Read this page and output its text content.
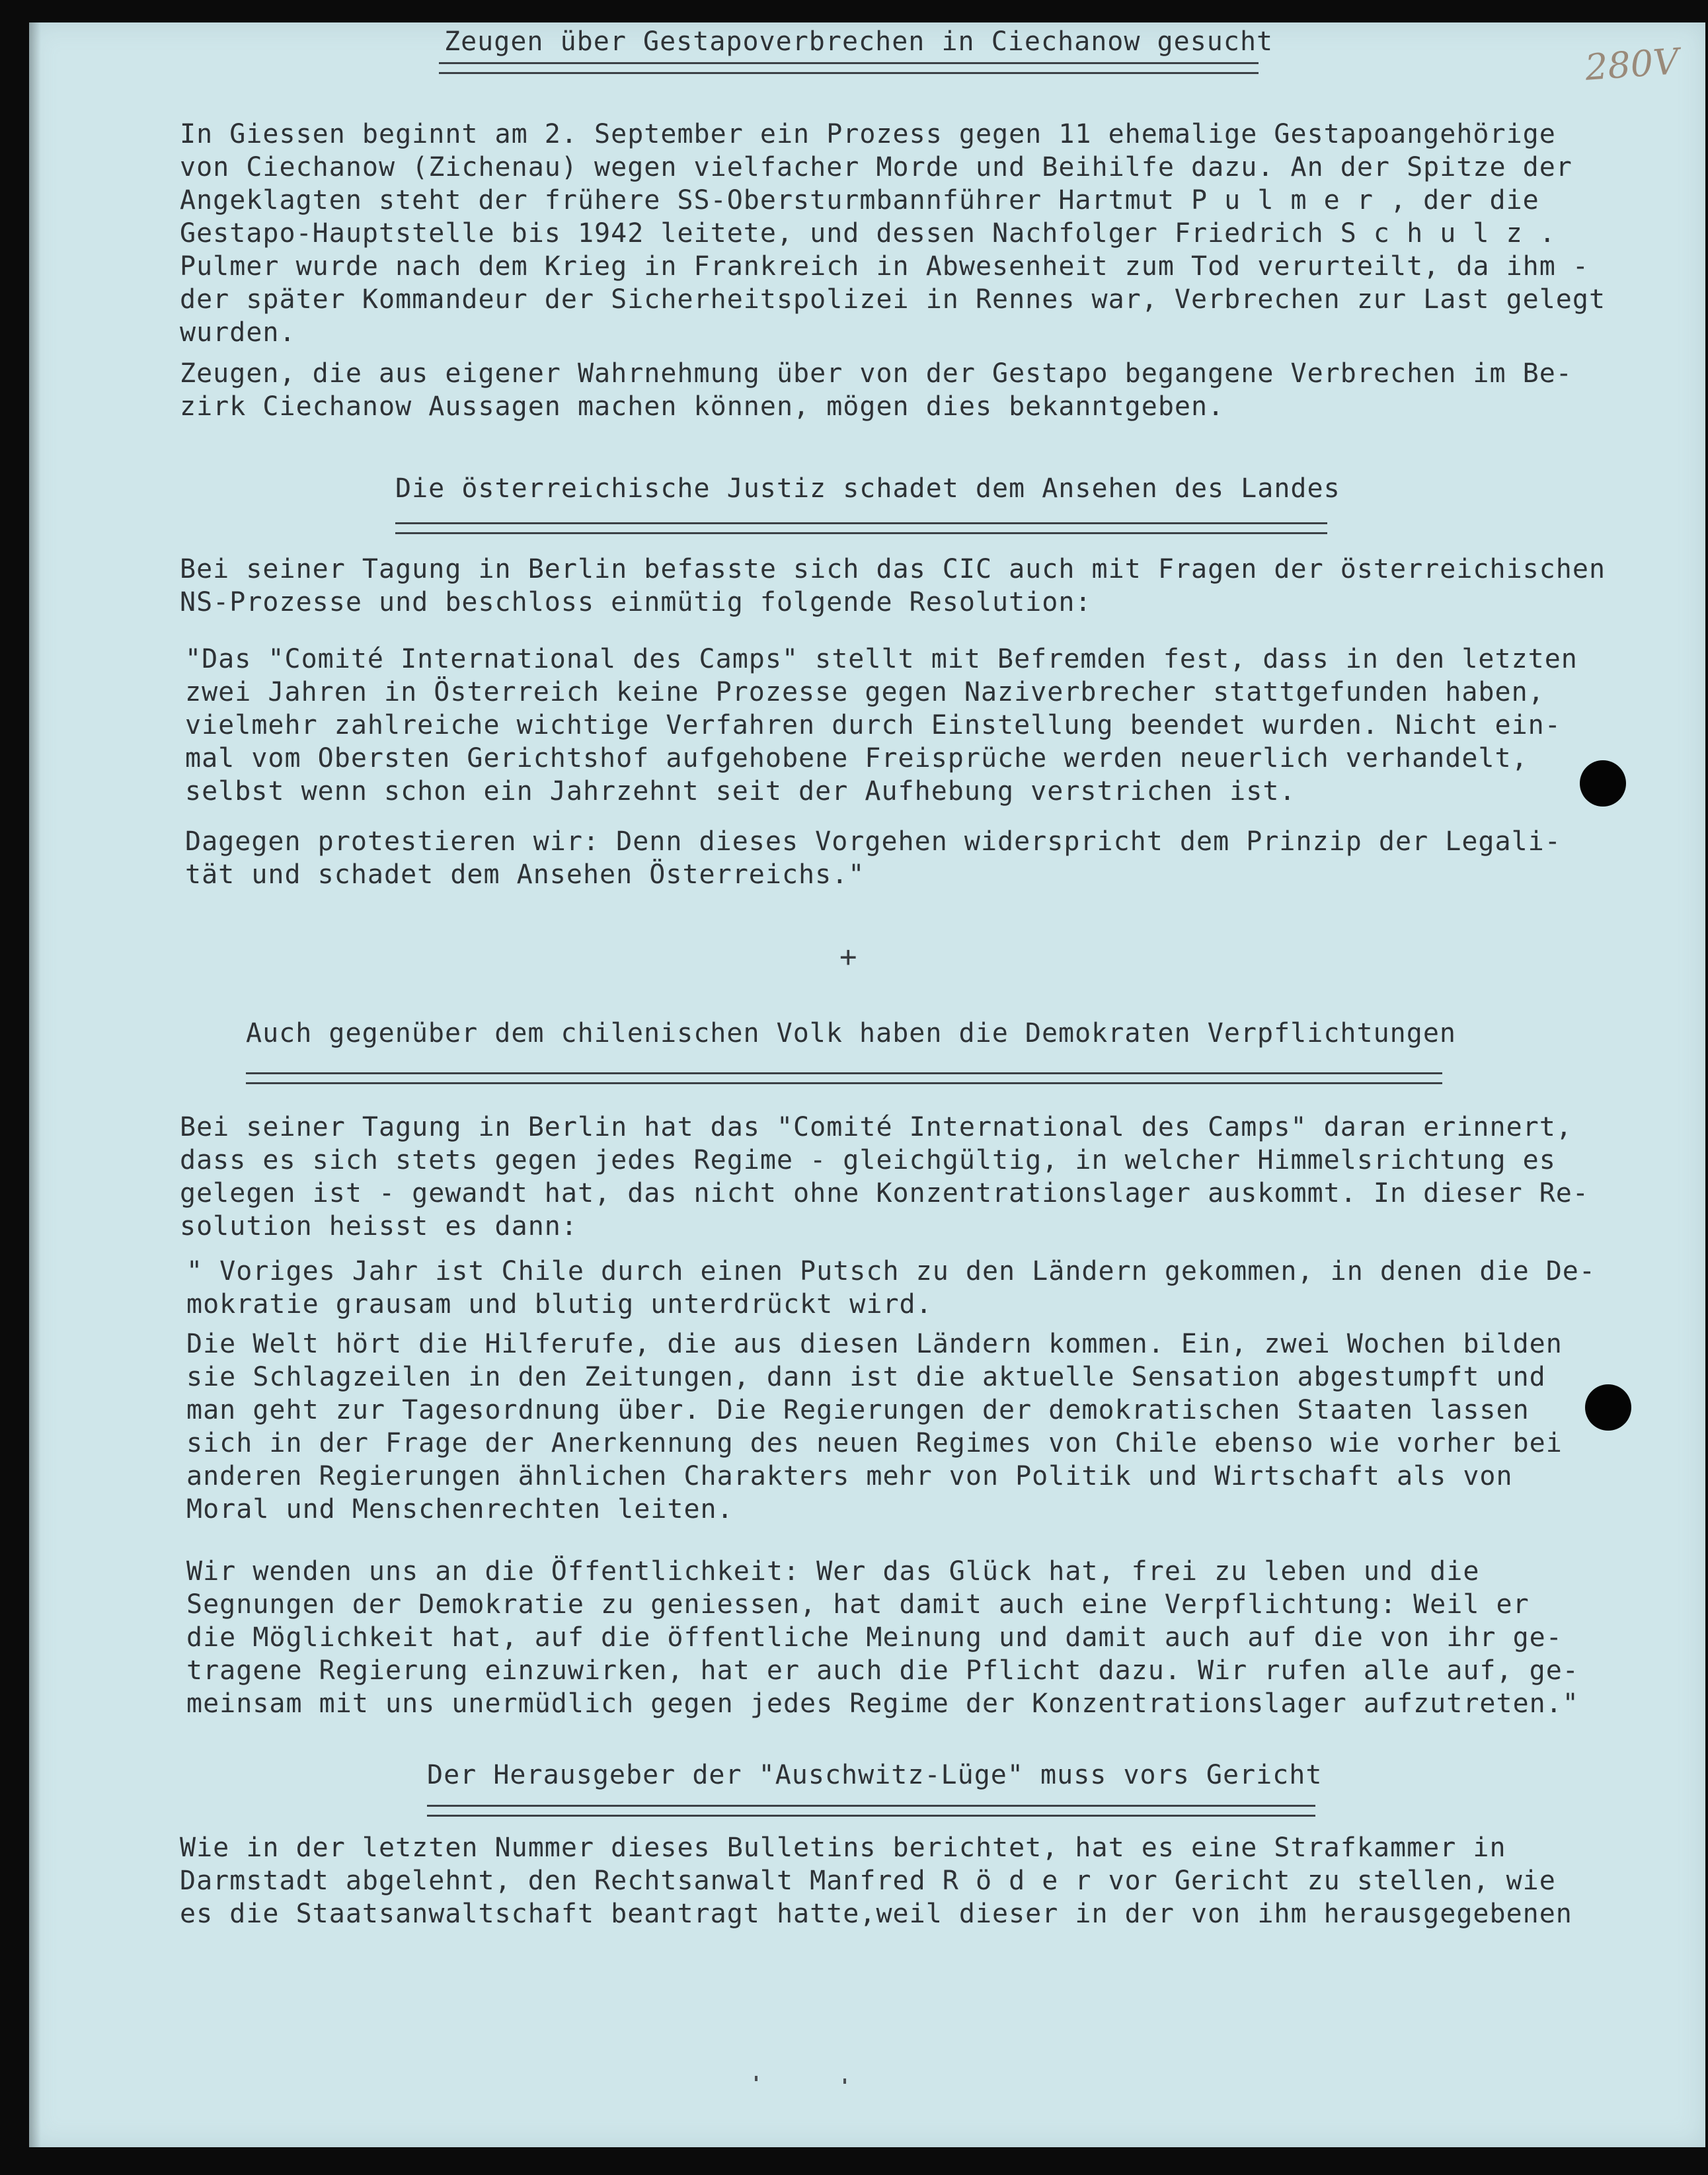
280V
Zeugen über Gestapoverbrechen in Ciechanow gesucht
In Giessen beginnt am 2. September ein Prozess gegen 11 ehemalige Gestapoangehörige
von Ciechanow (Zichenau) wegen vielfacher Morde und Beihilfe dazu. An der Spitze der
Angeklagten steht der frühere SS-Obersturmbannführer Hartmut P u l m e r , der die
Gestapo-Hauptstelle bis 1942 leitete, und dessen Nachfolger Friedrich S c h u l z .
Pulmer wurde nach dem Krieg in Frankreich in Abwesenheit zum Tod verurteilt, da ihm -
der später Kommandeur der Sicherheitspolizei in Rennes war, Verbrechen zur Last gelegt
wurden.
Zeugen, die aus eigener Wahrnehmung über von der Gestapo begangene Verbrechen im Be-
zirk Ciechanow Aussagen machen können, mögen dies bekanntgeben.
Die österreichische Justiz schadet dem Ansehen des Landes
Bei seiner Tagung in Berlin befasste sich das CIC auch mit Fragen der österreichischen
NS-Prozesse und beschloss einmütig folgende Resolution:
"Das "Comité International des Camps" stellt mit Befremden fest, dass in den letzten
zwei Jahren in Österreich keine Prozesse gegen Naziverbrecher stattgefunden haben,
vielmehr zahlreiche wichtige Verfahren durch Einstellung beendet wurden. Nicht ein-
mal vom Obersten Gerichtshof aufgehobene Freisprüche werden neuerlich verhandelt,
selbst wenn schon ein Jahrzehnt seit der Aufhebung verstrichen ist.
Dagegen protestieren wir: Denn dieses Vorgehen widerspricht dem Prinzip der Legali-
tät und schadet dem Ansehen Österreichs."
+
Auch gegenüber dem chilenischen Volk haben die Demokraten Verpflichtungen
Bei seiner Tagung in Berlin hat das "Comité International des Camps" daran erinnert,
dass es sich stets gegen jedes Regime - gleichgültig, in welcher Himmelsrichtung es
gelegen ist - gewandt hat, das nicht ohne Konzentrationslager auskommt. In dieser Re-
solution heisst es dann:
" Voriges Jahr ist Chile durch einen Putsch zu den Ländern gekommen, in denen die De-
mokratie grausam und blutig unterdrückt wird.
Die Welt hört die Hilferufe, die aus diesen Ländern kommen. Ein, zwei Wochen bilden
sie Schlagzeilen in den Zeitungen, dann ist die aktuelle Sensation abgestumpft und
man geht zur Tagesordnung über. Die Regierungen der demokratischen Staaten lassen
sich in der Frage der Anerkennung des neuen Regimes von Chile ebenso wie vorher bei
anderen Regierungen ähnlichen Charakters mehr von Politik und Wirtschaft als von
Moral und Menschenrechten leiten.
Wir wenden uns an die Öffentlichkeit: Wer das Glück hat, frei zu leben und die
Segnungen der Demokratie zu geniessen, hat damit auch eine Verpflichtung: Weil er
die Möglichkeit hat, auf die öffentliche Meinung und damit auch auf die von ihr ge-
tragene Regierung einzuwirken, hat er auch die Pflicht dazu. Wir rufen alle auf, ge-
meinsam mit uns unermüdlich gegen jedes Regime der Konzentrationslager aufzutreten."
Der Herausgeber der "Auschwitz-Lüge" muss vors Gericht
Wie in der letzten Nummer dieses Bulletins berichtet, hat es eine Strafkammer in
Darmstadt abgelehnt, den Rechtsanwalt Manfred R ö d e r vor Gericht zu stellen, wie
es die Staatsanwaltschaft beantragt hatte,weil dieser in der von ihm herausgegebenen
